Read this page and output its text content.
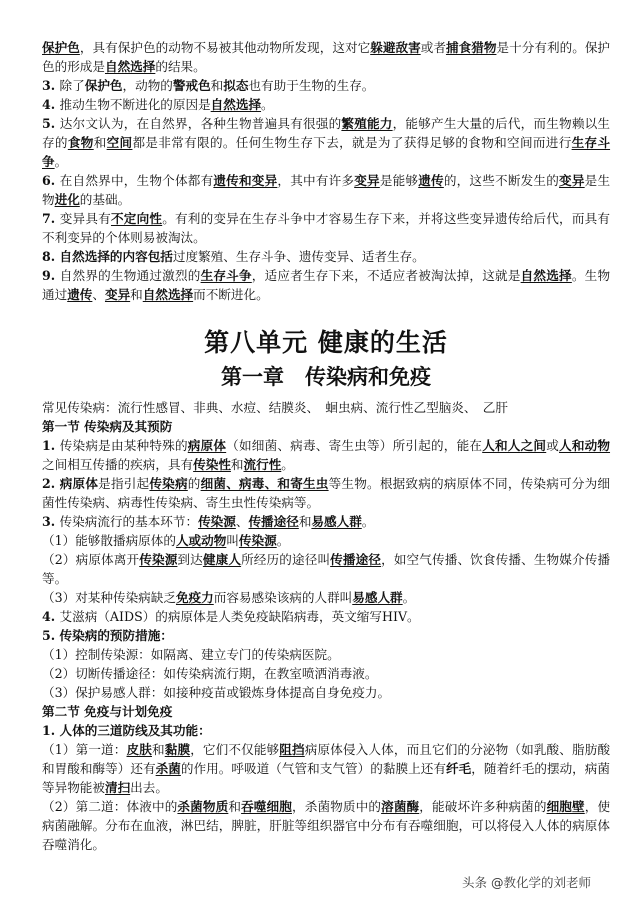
保护色，具有保护色的动物不易被其他动物所发现，这对它躲避敌害或者捕食猎物是十分有利的。保护色的形成是自然选择的结果。

3. 除了保护色，动物的警戒色和拟态也有助于生物的生存。

4. 推动生物不断进化的原因是自然选择。

5. 达尔文认为，在自然界，各种生物普遍具有很强的繁殖能力，能够产生大量的后代，而生物赖以生存的食物和空间都是非常有限的。任何生物生存下去，就是为了获得足够的食物和空间而进行生存斗争。

6. 在自然界中，生物个体都有遗传和变异，其中有许多变异是能够遗传的，这些不断发生的变异是生物进化的基础。

7. 变异具有不定向性。有利的变异在生存斗争中才容易生存下来，并将这些变异遗传给后代，而具有不利变异的个体则易被淘汰。

8. 自然选择的内容包括过度繁殖、生存斗争、遗传变异、适者生存。

9. 自然界的生物通过激烈的生存斗争，适应者生存下来，不适应者被淘汰掉，这就是自然选择。生物通过遗传、变异和自然选择而不断进化。

第八单元 健康的生活
第一章　传染病和免疫

常见传染病：流行性感冒、非典、水痘、结膜炎、　蛔虫病、流行性乙型脑炎、　乙肝

第一节 传染病及其预防

1. 传染病是由某种特殊的病原体（如细菌、病毒、寄生虫等）所引起的，能在人和人之间或人和动物之间相互传播的疾病，具有传染性和流行性。

2. 病原体是指引起传染病的细菌、病毒、和寄生虫等生物。根据致病的病原体不同，传染病可分为细菌性传染病、病毒性传染病、寄生虫性传染病等。

3. 传染病流行的基本环节：传染源、传播途径和易感人群。

（1）能够散播病原体的人或动物叫传染源。

（2）病原体离开传染源到达健康人所经历的途径叫传播途径，如空气传播、饮食传播、生物媒介传播等。

（3）对某种传染病缺乏免疫力而容易感染该病的人群叫易感人群。

4. 艾滋病（AIDS）的病原体是人类免疫缺陷病毒，英文缩写HIV。

5. 传染病的预防措施：

（1）控制传染源：如隔离、建立专门的传染病医院。

（2）切断传播途径：如传染病流行期，在教室喷洒消毒液。

（3）保护易感人群：如接种疫苗或锻炼身体提高自身免疫力。

第二节 免疫与计划免疫

1. 人体的三道防线及其功能：

（1）第一道：皮肤和黏膜，它们不仅能够阻挡病原体侵入人体，而且它们的分泌物（如乳酸、脂肪酸和胃酸和酶等）还有杀菌的作用。呼吸道（气管和支气管）的黏膜上还有纤毛，随着纤毛的摆动，病菌等异物能被清扫出去。

（2）第二道：体液中的杀菌物质和吞噬细胞，杀菌物质中的溶菌酶，能破坏许多种病菌的细胞壁，使病菌融解。分布在血液，淋巴结，脾脏，肝脏等组织器官中分布有吞噬细胞，可以将侵入人体的病原体吞噬消化。

头条 @教化学的刘老师
